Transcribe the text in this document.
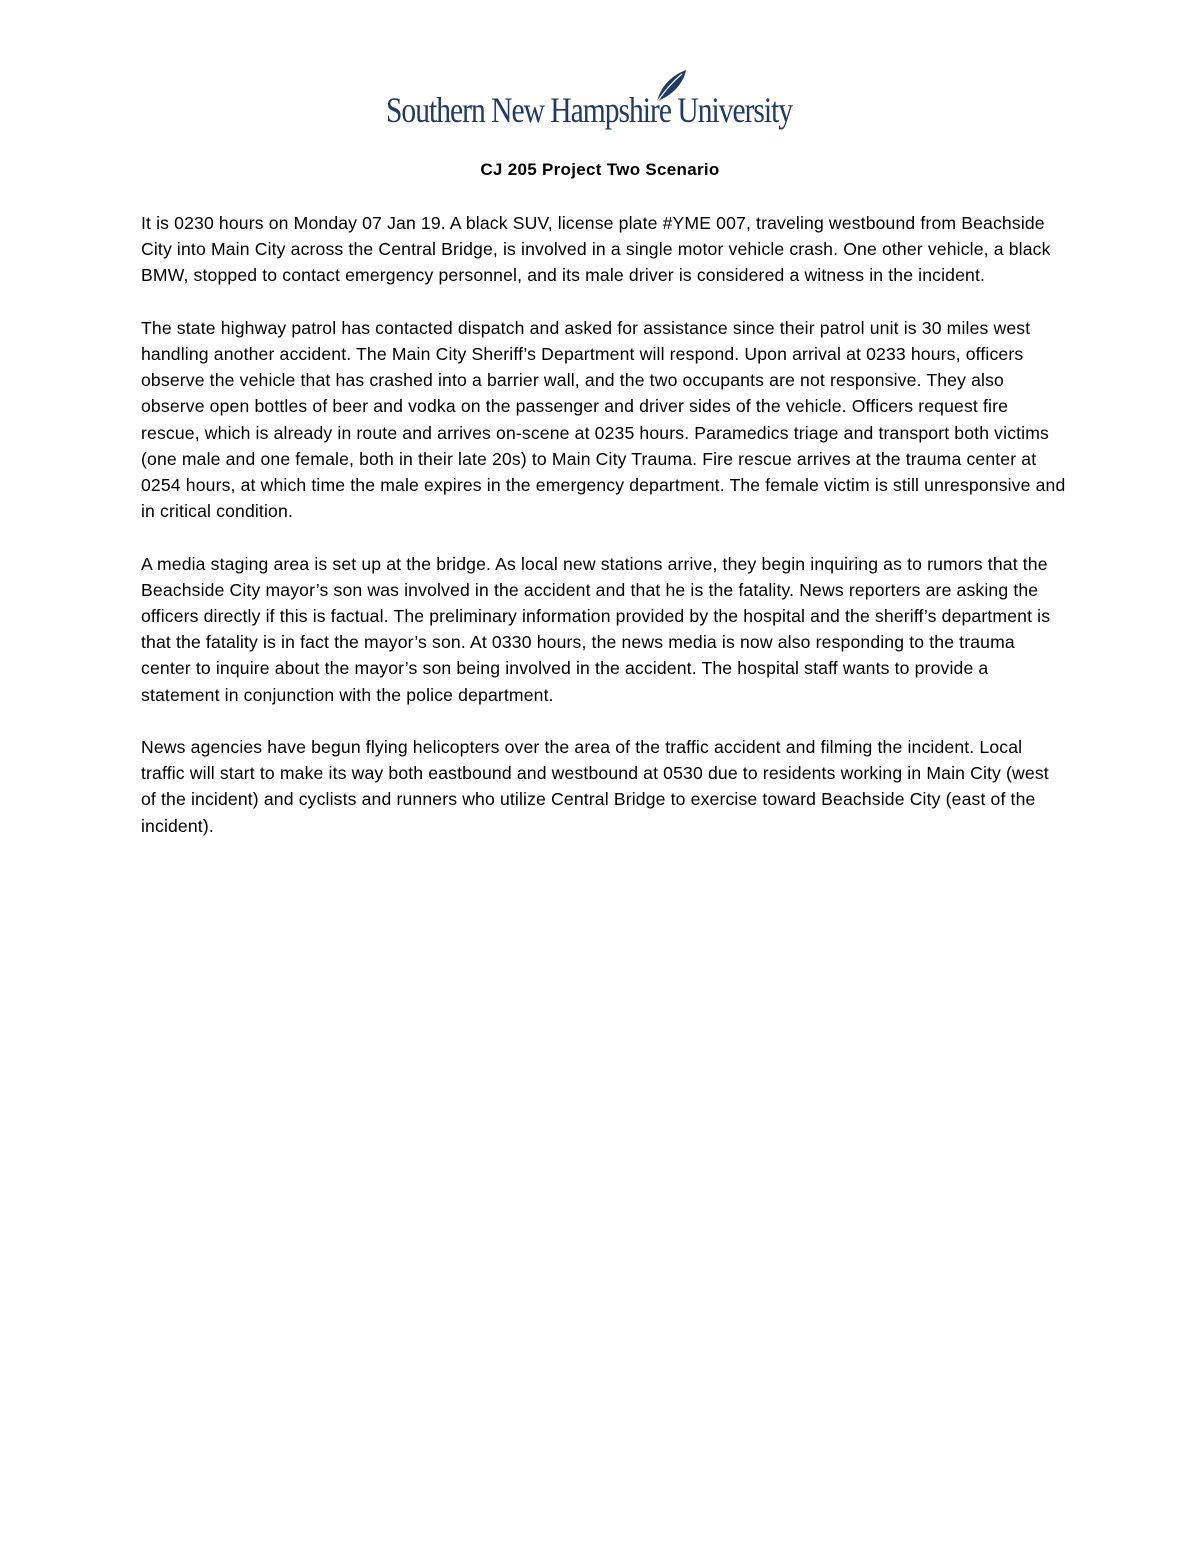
Southern New Hampshire University
CJ 205 Project Two Scenario

It is 0230 hours on Monday 07 Jan 19. A black SUV, license plate #YME 007, traveling westbound from Beachside City into Main City across the Central Bridge, is involved in a single motor vehicle crash. One other vehicle, a black BMW, stopped to contact emergency personnel, and its male driver is considered a witness in the incident.

The state highway patrol has contacted dispatch and asked for assistance since their patrol unit is 30 miles west handling another accident. The Main City Sheriff’s Department will respond. Upon arrival at 0233 hours, officers observe the vehicle that has crashed into a barrier wall, and the two occupants are not responsive. They also observe open bottles of beer and vodka on the passenger and driver sides of the vehicle. Officers request fire rescue, which is already in route and arrives on-scene at 0235 hours. Paramedics triage and transport both victims (one male and one female, both in their late 20s) to Main City Trauma. Fire rescue arrives at the trauma center at 0254 hours, at which time the male expires in the emergency department. The female victim is still unresponsive and in critical condition.

A media staging area is set up at the bridge. As local new stations arrive, they begin inquiring as to rumors that the Beachside City mayor’s son was involved in the accident and that he is the fatality. News reporters are asking the officers directly if this is factual. The preliminary information provided by the hospital and the sheriff’s department is that the fatality is in fact the mayor’s son. At 0330 hours, the news media is now also responding to the trauma center to inquire about the mayor’s son being involved in the accident. The hospital staff wants to provide a statement in conjunction with the police department.

News agencies have begun flying helicopters over the area of the traffic accident and filming the incident. Local traffic will start to make its way both eastbound and westbound at 0530 due to residents working in Main City (west of the incident) and cyclists and runners who utilize Central Bridge to exercise toward Beachside City (east of the incident).
